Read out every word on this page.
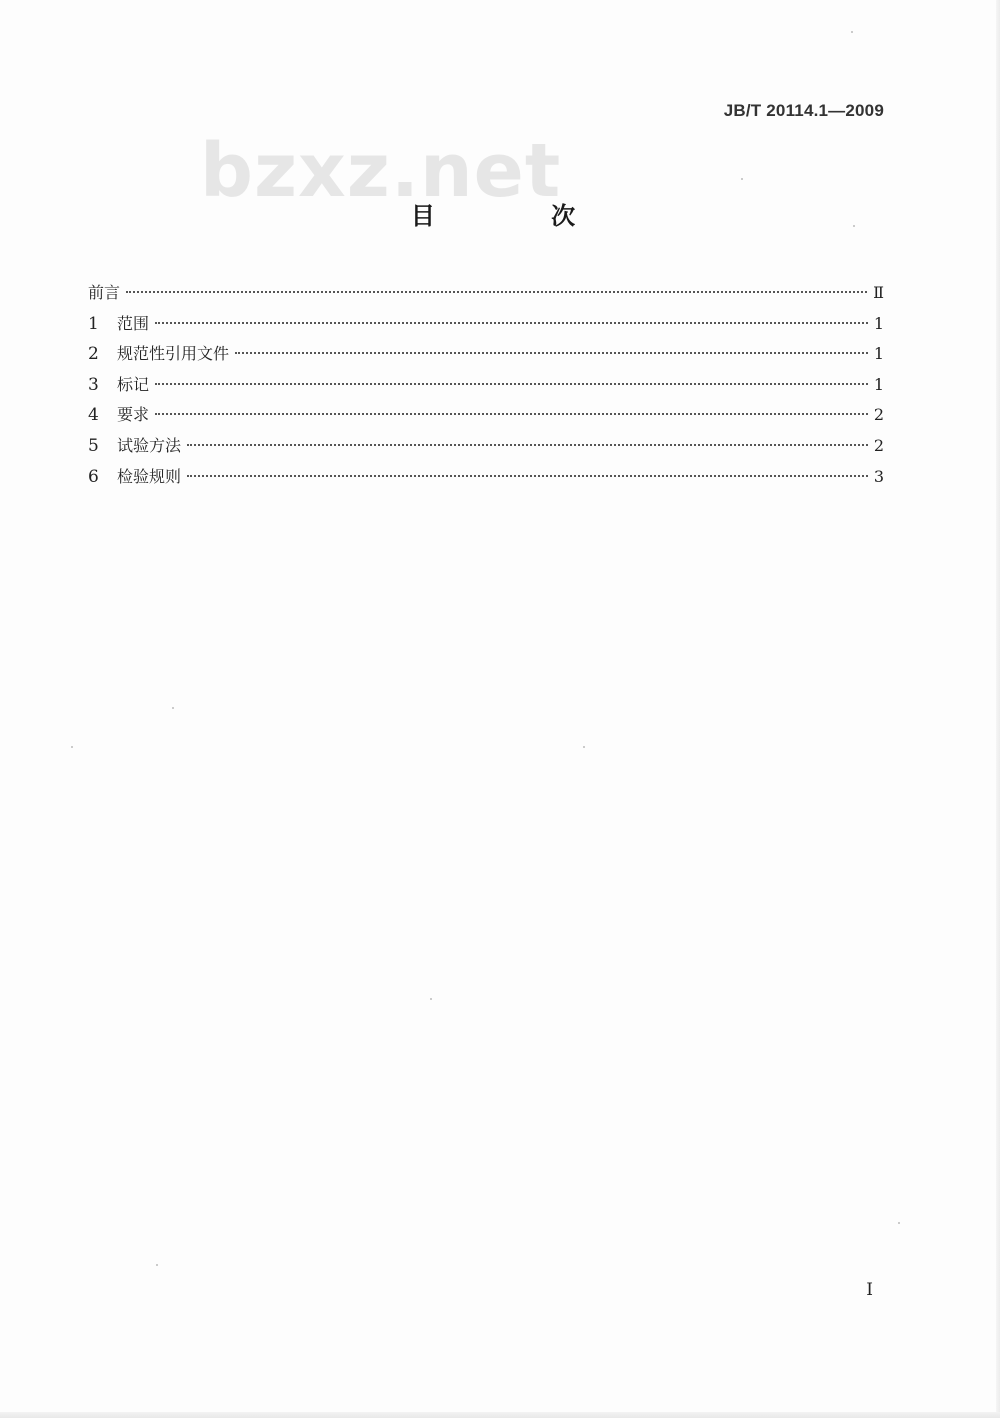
bzxz.net
JB/T 20114.1—2009
目 次
前言	Ⅱ
1	范围	1
2	规范性引用文件	1
3	标记	1
4	要求	2
5	试验方法	2
6	检验规则	3
I
